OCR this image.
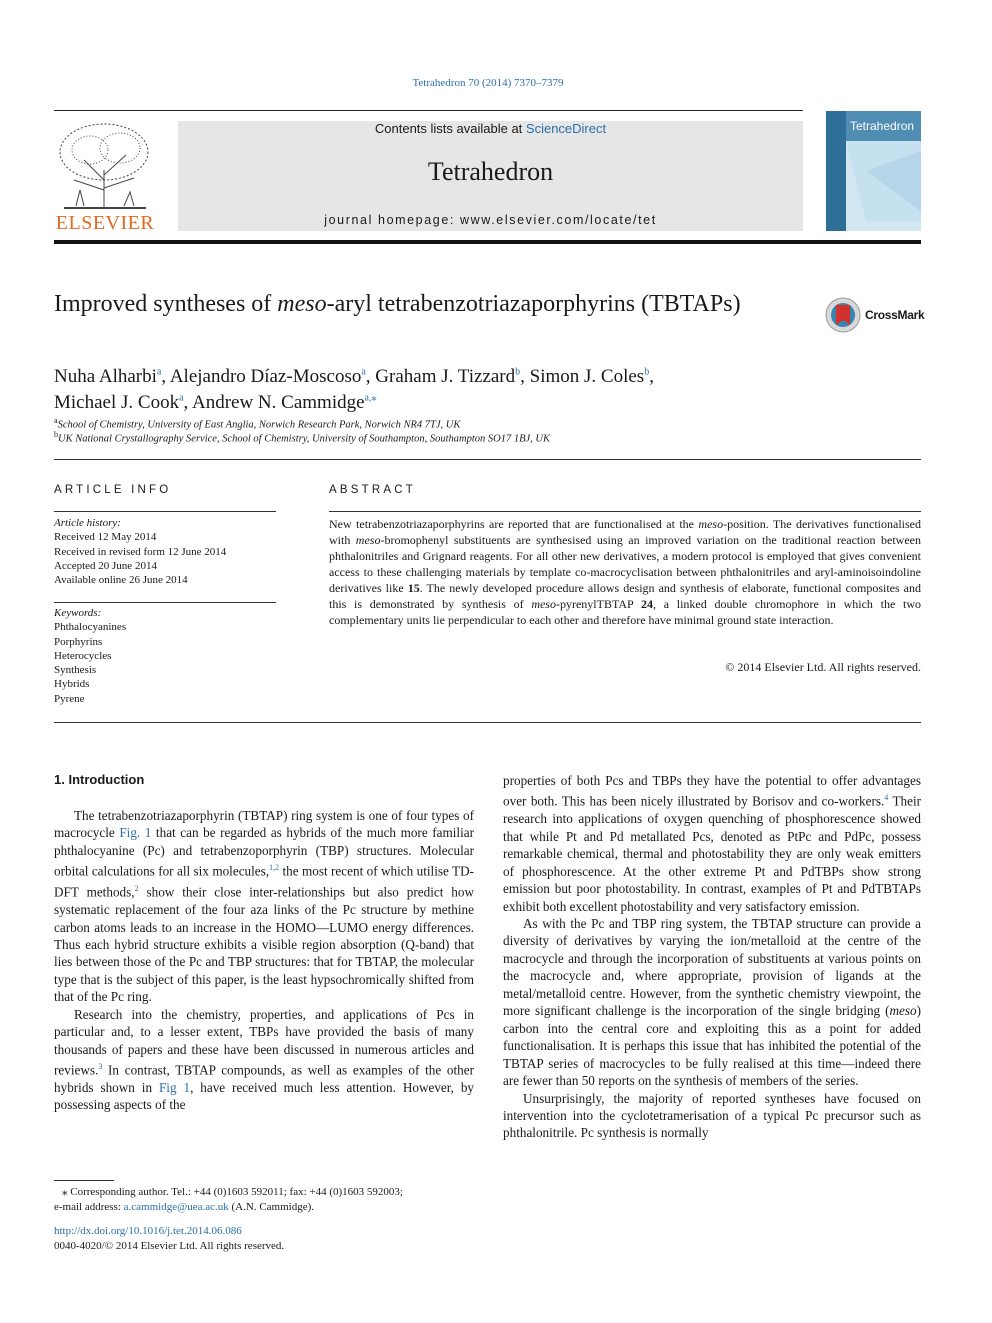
Tetrahedron 70 (2014) 7370–7379
ELSEVIER
Contents lists available at ScienceDirect
Tetrahedron
journal homepage: www.elsevier.com/locate/tet
Tetrahedron
Improved syntheses of meso-aryl tetrabenzotriazaporphyrins (TBTAPs)	CrossMark
Nuha Alharbi$^a$, Alejandro Díaz-Moscoso$^a$, Graham J. Tizzard$^b$, Simon J. Coles$^b$,
Michael J. Cook$^a$, Andrew N. Cammidge$^{a,⁎}$
$^a$School of Chemistry, University of East Anglia, Norwich Research Park, Norwich NR4 7TJ, UK
$^b$UK National Crystallography Service, School of Chemistry, University of Southampton, Southampton SO17 1BJ, UK
ARTICLE INFO
Article history:
Received 12 May 2014
Received in revised form 12 June 2014
Accepted 20 June 2014
Available online 26 June 2014
Keywords:
Phthalocyanines
Porphyrins
Heterocycles
Synthesis
Hybrids
Pyrene
ABSTRACT
New tetrabenzotriazaporphyrins are reported that are functionalised at the meso-position. The derivatives functionalised with meso-bromophenyl substituents are synthesised using an improved variation on the traditional reaction between phthalonitriles and Grignard reagents. For all other new derivatives, a modern protocol is employed that gives convenient access to these challenging materials by template co-macrocyclisation between phthalonitriles and aryl-aminoisoindoline derivatives like 15. The newly developed procedure allows design and synthesis of elaborate, functional composites and this is demonstrated by synthesis of meso-pyrenylTBTAP 24, a linked double chromophore in which the two complementary units lie perpendicular to each other and therefore have minimal ground state interaction.
© 2014 Elsevier Ltd. All rights reserved.
1. Introduction

The tetrabenzotriazaporphyrin (TBTAP) ring system is one of four types of macrocycle Fig. 1 that can be regarded as hybrids of the much more familiar phthalocyanine (Pc) and tetrabenzoporphyrin (TBP) structures. Molecular orbital calculations for all six molecules,$^{1,2}$ the most recent of which utilise TD-DFT methods,$^2$ show their close inter-relationships but also predict how systematic replacement of the four aza links of the Pc structure by methine carbon atoms leads to an increase in the HOMO—LUMO energy differences. Thus each hybrid structure exhibits a visible region absorption (Q-band) that lies between those of the Pc and TBP structures: that for TBTAP, the molecular type that is the subject of this paper, is the least hypsochromically shifted from that of the Pc ring.

Research into the chemistry, properties, and applications of Pcs in particular and, to a lesser extent, TBPs have provided the basis of many thousands of papers and these have been discussed in numerous articles and reviews.$^3$ In contrast, TBTAP compounds, as well as examples of the other hybrids shown in Fig 1, have received much less attention. However, by possessing aspects of the

properties of both Pcs and TBPs they have the potential to offer advantages over both. This has been nicely illustrated by Borisov and co-workers.$^4$ Their research into applications of oxygen quenching of phosphorescence showed that while Pt and Pd metallated Pcs, denoted as PtPc and PdPc, possess remarkable chemical, thermal and photostability they are only weak emitters of phosphorescence. At the other extreme Pt and PdTBPs show strong emission but poor photostability. In contrast, examples of Pt and PdTBTAPs exhibit both excellent photostability and very satisfactory emission.

As with the Pc and TBP ring system, the TBTAP structure can provide a diversity of derivatives by varying the ion/metalloid at the centre of the macrocycle and through the incorporation of substituents at various points on the macrocycle and, where appropriate, provision of ligands at the metal/metalloid centre. However, from the synthetic chemistry viewpoint, the more significant challenge is the incorporation of the single bridging (meso) carbon into the central core and exploiting this as a point for added functionalisation. It is perhaps this issue that has inhibited the potential of the TBTAP series of macrocycles to be fully realised at this time—indeed there are fewer than 50 reports on the synthesis of members of the series.

Unsurprisingly, the majority of reported syntheses have focused on intervention into the cyclotetramerisation of a typical Pc precursor such as phthalonitrile. Pc synthesis is normally

⁎ Corresponding author. Tel.: +44 (0)1603 592011; fax: +44 (0)1603 592003;
e-mail address: a.cammidge@uea.ac.uk (A.N. Cammidge).
http://dx.doi.org/10.1016/j.tet.2014.06.086
0040-4020/© 2014 Elsevier Ltd. All rights reserved.
